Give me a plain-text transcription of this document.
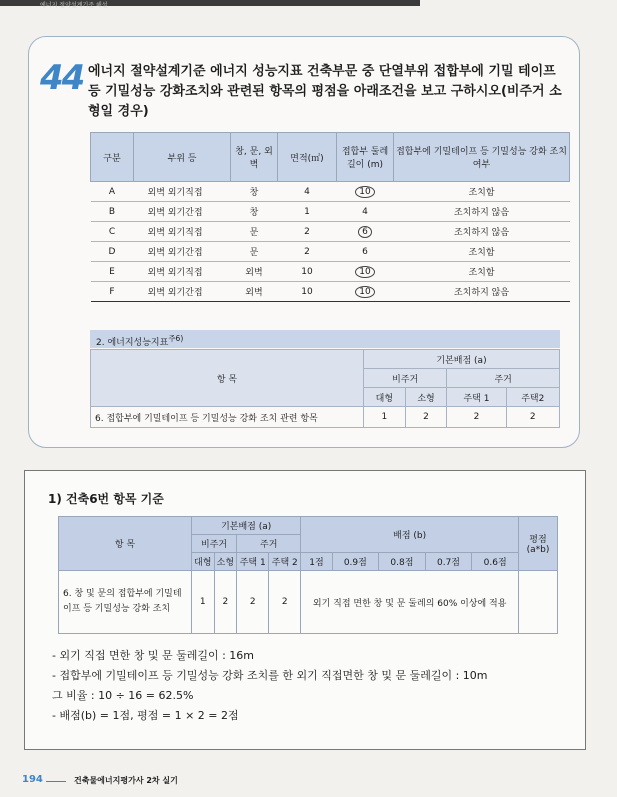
에너지 절약설계기준 해설
44 에너지 절약설계기준 에너지 성능지표 건축부문 중 단열부위 접합부에 기밀 테이프 등 기밀성능 강화조치와 관련된 항목의 평점을 아래조건을 보고 구하시오(비주거 소형일 경우)
구분	부위 등	창, 문, 외벽	면적(㎡)	접합부 둘레길이 (m)	접합부에 기밀테이프 등 기밀성능 강화 조치 여부
A	외벽 외기직접	창	4	10	조치함
B	외벽 외기간접	창	1	4	조치하지 않음
C	외벽 외기직접	문	2	6	조치하지 않음
D	외벽 외기간접	문	2	6	조치함
E	외벽 외기직접	외벽	10	10	조치함
F	외벽 외기간접	외벽	10	10	조치하지 않음
2. 에너지성능지표$^{주6)}$
항 목	기본배점 (a)			
	비주거		주거	
	대형	소형	주택 1	주택2
6. 접합부에 기밀테이프 등 기밀성능 강화 조치 관련 항목	1	2	2	2
1) 건축6번 항목 기준
항 목	기본배점 (a)				배점 (b)					평점 (a*b)
	비주거		주거							
	대형	소형	주택 1	주택 2	1점	0.9점	0.8점	0.7점	0.6점	
6. 창 및 문의 접합부에 기밀테이프 등 기밀성능 강화 조치	1	2	2	2	외기 직접 면한 창 및 문 둘레의 60% 이상에 적용					
- 외기 직접 면한 창 및 문 둘레길이 : 16m
- 접합부에 기밀테이프 등 기밀성능 강화 조치를 한 외기 직접면한 창 및 문 둘레길이 : 10m
그 비율 : 10 ÷ 16 = 62.5%
- 배점(b) = 1점, 평점 = 1 × 2 = 2점
194	건축물에너지평가사 2차 실기
